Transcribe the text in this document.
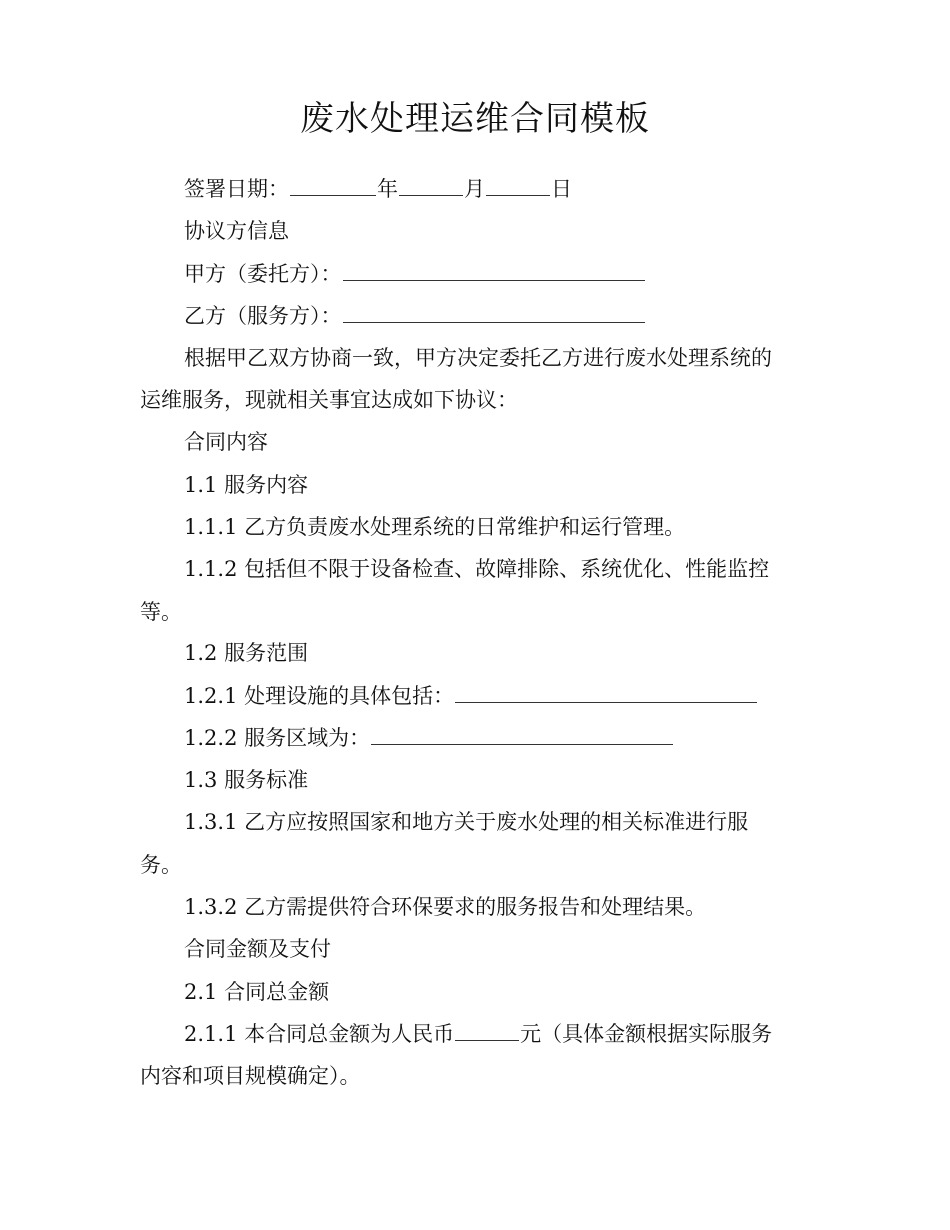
废水处理运维合同模板

签署日期：	年	月	日

协议方信息

甲方（委托方）：

乙方（服务方）：

根据甲乙双方协商一致，甲方决定委托乙方进行废水处理系统的

运维服务，现就相关事宜达成如下协议：

合同内容

1.1 服务内容

1.1.1 乙方负责废水处理系统的日常维护和运行管理。

1.1.2 包括但不限于设备检查、故障排除、系统优化、性能监控

等。

1.2 服务范围

1.2.1 处理设施的具体包括：

1.2.2 服务区域为：

1.3 服务标准

1.3.1 乙方应按照国家和地方关于废水处理的相关标准进行服

务。

1.3.2 乙方需提供符合环保要求的服务报告和处理结果。

合同金额及支付

2.1 合同总金额

2.1.1 本合同总金额为人民币	元（具体金额根据实际服务

内容和项目规模确定）。
